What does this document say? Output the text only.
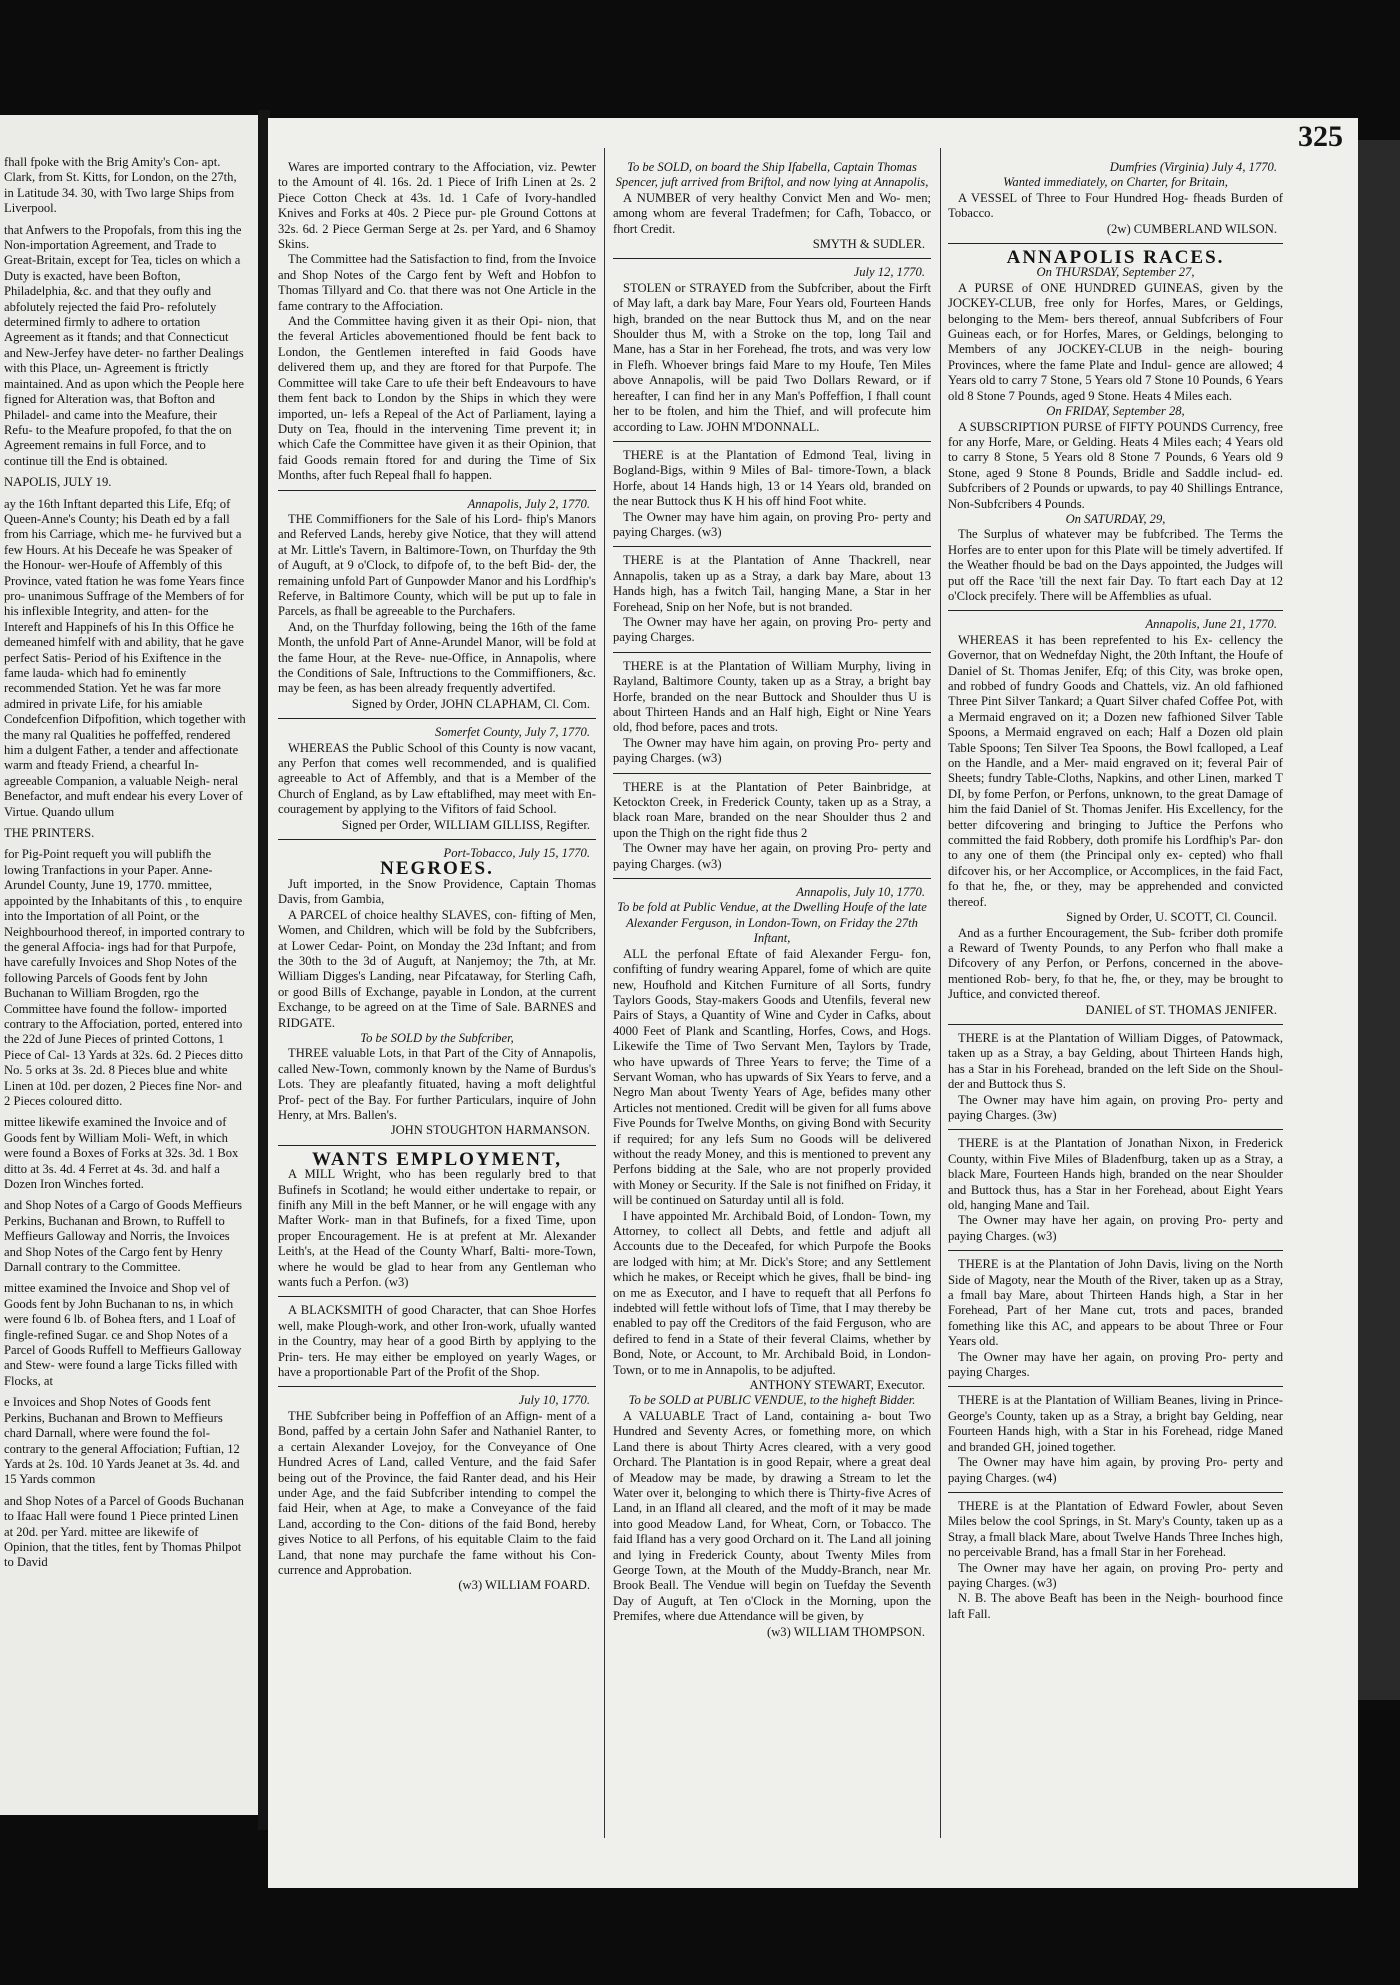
fhall fpoke with the Brig Amity's Con- apt. Clark, from St. Kitts, for London, on the 27th, in Latitude 34. 30, with Two large Ships from Liverpool.

that Anfwers to the Propofals, from this ing the Non-importation Agreement, and Trade to Great-Britain, except for Tea, ticles on which a Duty is exacted, have been Bofton, Philadelphia, &c. and that they oufly and abfolutely rejected the faid Pro- refolutely determined firmly to adhere to ortation Agreement as it ftands; and that Connecticut and New-Jerfey have deter- no farther Dealings with this Place, un- Agreement is ftrictly maintained. And as upon which the People here figned for Alteration was, that Bofton and Philadel- and came into the Meafure, their Refu- to the Meafure propofed, fo that the on Agreement remains in full Force, and to continue till the End is obtained.

NAPOLIS, JULY 19.

ay the 16th Inftant departed this Life, Efq; of Queen-Anne's County; his Death ed by a fall from his Carriage, which me- he furvived but a few Hours. At his Deceafe he was Speaker of the Honour- wer-Houfe of Affembly of this Province, vated ftation he was fome Years fince pro- unanimous Suffrage of the Members of for his inflexible Integrity, and atten- for the Intereft and Happinefs of his In this Office he demeaned himfelf with and ability, that he gave perfect Satis- Period of his Exiftence in the fame lauda- which had fo eminently recommended Station. Yet he was far more admired in private Life, for his amiable Condefcenfion Difpofition, which together with the many ral Qualities he poffeffed, rendered him a dulgent Father, a tender and affectionate warm and fteady Friend, a chearful In- agreeable Companion, a valuable Neigh- neral Benefactor, and muft endear his every Lover of Virtue. Quando ullum

THE PRINTERS.

for Pig-Point requeft you will publifh the lowing Tranfactions in your Paper. Anne-Arundel County, June 19, 1770. mmittee, appointed by the Inhabitants of this , to enquire into the Importation of all Point, or the Neighbourhood thereof, in imported contrary to the general Affocia- ings had for that Purpofe, have carefully Invoices and Shop Notes of the following Parcels of Goods fent by John Buchanan to William Brogden, rgo the Committee have found the follow- imported contrary to the Affociation, ported, entered into the 22d of June Pieces of printed Cottons, 1 Piece of Cal- 13 Yards at 32s. 6d. 2 Pieces ditto No. 5 orks at 3s. 2d. 8 Pieces blue and white Linen at 10d. per dozen, 2 Pieces fine Nor- and 2 Pieces coloured ditto.

mittee likewife examined the Invoice and of Goods fent by William Moli- Weft, in which were found a Boxes of Forks at 32s. 3d. 1 Box ditto at 3s. 4d. 4 Ferret at 4s. 3d. and half a Dozen Iron Winches forted.

and Shop Notes of a Cargo of Goods Meffieurs Perkins, Buchanan and Brown, to Ruffell to Meffieurs Galloway and Norris, the Invoices and Shop Notes of the Cargo fent by Henry Darnall contrary to the Committee.

mittee examined the Invoice and Shop vel of Goods fent by John Buchanan to ns, in which were found 6 lb. of Bohea fters, and 1 Loaf of fingle-refined Sugar. ce and Shop Notes of a Parcel of Goods Ruffell to Meffieurs Galloway and Stew- were found a large Ticks filled with Flocks, at

e Invoices and Shop Notes of Goods fent Perkins, Buchanan and Brown to Meffieurs chard Darnall, where were found the fol- contrary to the general Affociation; Fuftian, 12 Yards at 2s. 10d. 10 Yards Jeanet at 3s. 4d. and 15 Yards common

and Shop Notes of a Parcel of Goods Buchanan to Ifaac Hall were found 1 Piece printed Linen at 20d. per Yard. mittee are likewife of Opinion, that the titles, fent by Thomas Philpot to David

325

Wares are imported contrary to the Affociation, viz. Pewter to the Amount of 4l. 16s. 2d. 1 Piece of Irifh Linen at 2s. 2 Piece Cotton Check at 43s. 1d. 1 Cafe of Ivory-handled Knives and Forks at 40s. 2 Piece pur- ple Ground Cottons at 32s. 6d. 2 Piece German Serge at 2s. per Yard, and 6 Shamoy Skins.

The Committee had the Satisfaction to find, from the Invoice and Shop Notes of the Cargo fent by Weft and Hobfon to Thomas Tillyard and Co. that there was not One Article in the fame contrary to the Affociation.

And the Committee having given it as their Opi- nion, that the feveral Articles abovementioned fhould be fent back to London, the Gentlemen interefted in faid Goods have delivered them up, and they are ftored for that Purpofe. The Committee will take Care to ufe their beft Endeavours to have them fent back to London by the Ships in which they were imported, un- lefs a Repeal of the Act of Parliament, laying a Duty on Tea, fhould in the intervening Time prevent it; in which Cafe the Committee have given it as their Opinion, that faid Goods remain ftored for and during the Time of Six Months, after fuch Repeal fhall fo happen.

Annapolis, July 2, 1770.

THE Commiffioners for the Sale of his Lord- fhip's Manors and Referved Lands, hereby give Notice, that they will attend at Mr. Little's Tavern, in Baltimore-Town, on Thurfday the 9th of Auguft, at 9 o'Clock, to difpofe of, to the beft Bid- der, the remaining unfold Part of Gunpowder Manor and his Lordfhip's Referve, in Baltimore County, which will be put up to fale in Parcels, as fhall be agreeable to the Purchafers.

And, on the Thurfday following, being the 16th of the fame Month, the unfold Part of Anne-Arundel Manor, will be fold at the fame Hour, at the Reve- nue-Office, in Annapolis, where the Conditions of Sale, Inftructions to the Commiffioners, &c. may be feen, as has been already frequently advertifed.

Signed by Order, JOHN CLAPHAM, Cl. Com.

Somerfet County, July 7, 1770.

WHEREAS the Public School of this County is now vacant, any Perfon that comes well recommended, and is qualified agreeable to Act of Affembly, and that is a Member of the Church of England, as by Law eftablifhed, may meet with En- couragement by applying to the Vifitors of faid School.

Signed per Order, WILLIAM GILLISS, Regifter.

Port-Tobacco, July 15, 1770.

NEGROES.

Juft imported, in the Snow Providence, Captain Thomas Davis, from Gambia,

A PARCEL of choice healthy SLAVES, con- fifting of Men, Women, and Children, which will be fold by the Subfcribers, at Lower Cedar- Point, on Monday the 23d Inftant; and from the 30th to the 3d of Auguft, at Nanjemoy; the 7th, at Mr. William Digges's Landing, near Pifcataway, for Sterling Cafh, or good Bills of Exchange, payable in London, at the current Exchange, to be agreed on at the Time of Sale. BARNES and RIDGATE.

To be SOLD by the Subfcriber,

THREE valuable Lots, in that Part of the City of Annapolis, called New-Town, commonly known by the Name of Burdus's Lots. They are pleafantly fituated, having a moft delightful Prof- pect of the Bay. For further Particulars, inquire of John Henry, at Mrs. Ballen's.

JOHN STOUGHTON HARMANSON.

WANTS EMPLOYMENT,

A MILL Wright, who has been regularly bred to that Bufinefs in Scotland; he would either undertake to repair, or finifh any Mill in the beft Manner, or he will engage with any Mafter Work- man in that Bufinefs, for a fixed Time, upon proper Encouragement. He is at prefent at Mr. Alexander Leith's, at the Head of the County Wharf, Balti- more-Town, where he would be glad to hear from any Gentleman who wants fuch a Perfon. (w3)

A BLACKSMITH of good Character, that can Shoe Horfes well, make Plough-work, and other Iron-work, ufually wanted in the Country, may hear of a good Birth by applying to the Prin- ters. He may either be employed on yearly Wages, or have a proportionable Part of the Profit of the Shop.

July 10, 1770.

THE Subfcriber being in Poffeffion of an Affign- ment of a Bond, paffed by a certain John Safer and Nathaniel Ranter, to a certain Alexander Lovejoy, for the Conveyance of One Hundred Acres of Land, called Venture, and the faid Safer being out of the Province, the faid Ranter dead, and his Heir under Age, and the faid Subfcriber intending to compel the faid Heir, when at Age, to make a Conveyance of the faid Land, according to the Con- ditions of the faid Bond, hereby gives Notice to all Perfons, of his equitable Claim to the faid Land, that none may purchafe the fame without his Con- currence and Approbation.

(w3) WILLIAM FOARD.

To be SOLD, on board the Ship Ifabella, Captain Thomas Spencer, juft arrived from Briftol, and now lying at Annapolis,

A NUMBER of very healthy Convict Men and Wo- men; among whom are feveral Tradefmen; for Cafh, Tobacco, or fhort Credit.

SMYTH & SUDLER.

July 12, 1770.

STOLEN or STRAYED from the Subfcriber, about the Firft of May laft, a dark bay Mare, Four Years old, Fourteen Hands high, branded on the near Buttock thus M, and on the near Shoulder thus M, with a Stroke on the top, long Tail and Mane, has a Star in her Forehead, fhe trots, and was very low in Flefh. Whoever brings faid Mare to my Houfe, Ten Miles above Annapolis, will be paid Two Dollars Reward, or if hereafter, I can find her in any Man's Poffeffion, I fhall count her to be ftolen, and him the Thief, and will profecute him according to Law. JOHN M'DONNALL.

THERE is at the Plantation of Edmond Teal, living in Bogland-Bigs, within 9 Miles of Bal- timore-Town, a black Horfe, about 14 Hands high, 13 or 14 Years old, branded on the near Buttock thus K H his off hind Foot white.

The Owner may have him again, on proving Pro- perty and paying Charges. (w3)

THERE is at the Plantation of Anne Thackrell, near Annapolis, taken up as a Stray, a dark bay Mare, about 13 Hands high, has a fwitch Tail, hanging Mane, a Star in her Forehead, Snip on her Nofe, but is not branded.

The Owner may have her again, on proving Pro- perty and paying Charges.

THERE is at the Plantation of William Murphy, living in Rayland, Baltimore County, taken up as a Stray, a bright bay Horfe, branded on the near Buttock and Shoulder thus U is about Thirteen Hands and an Half high, Eight or Nine Years old, fhod before, paces and trots.

The Owner may have him again, on proving Pro- perty and paying Charges. (w3)

THERE is at the Plantation of Peter Bainbridge, at Ketockton Creek, in Frederick County, taken up as a Stray, a black roan Mare, branded on the near Shoulder thus 2 and upon the Thigh on the right fide thus 2

The Owner may have her again, on proving Pro- perty and paying Charges. (w3)

Annapolis, July 10, 1770.

To be fold at Public Vendue, at the Dwelling Houfe of the late Alexander Ferguson, in London-Town, on Friday the 27th Inftant,

ALL the perfonal Eftate of faid Alexander Fergu- fon, confifting of fundry wearing Apparel, fome of which are quite new, Houfhold and Kitchen Furniture of all Sorts, fundry Taylors Goods, Stay-makers Goods and Utenfils, feveral new Pairs of Stays, a Quantity of Wine and Cyder in Cafks, about 4000 Feet of Plank and Scantling, Horfes, Cows, and Hogs. Likewife the Time of Two Servant Men, Taylors by Trade, who have upwards of Three Years to ferve; the Time of a Servant Woman, who has upwards of Six Years to ferve, and a Negro Man about Twenty Years of Age, befides many other Articles not mentioned. Credit will be given for all fums above Five Pounds for Twelve Months, on giving Bond with Security if required; for any lefs Sum no Goods will be delivered without the ready Money, and this is mentioned to prevent any Perfons bidding at the Sale, who are not properly provided with Money or Security. If the Sale is not finifhed on Friday, it will be continued on Saturday until all is fold.

I have appointed Mr. Archibald Boid, of London- Town, my Attorney, to collect all Debts, and fettle and adjuft all Accounts due to the Deceafed, for which Purpofe the Books are lodged with him; at Mr. Dick's Store; and any Settlement which he makes, or Receipt which he gives, fhall be bind- ing on me as Executor, and I have to requeft that all Perfons fo indebted will fettle without lofs of Time, that I may thereby be enabled to pay off the Creditors of the faid Ferguson, who are defired to fend in a State of their feveral Claims, whether by Bond, Note, or Account, to Mr. Archibald Boid, in London-Town, or to me in Annapolis, to be adjufted.

ANTHONY STEWART, Executor.

To be SOLD at PUBLIC VENDUE, to the higheft Bidder.

A VALUABLE Tract of Land, containing a- bout Two Hundred and Seventy Acres, or fomething more, on which Land there is about Thirty Acres cleared, with a very good Orchard. The Plantation is in good Repair, where a great deal of Meadow may be made, by drawing a Stream to let the Water over it, belonging to which there is Thirty-five Acres of Land, in an Ifland all cleared, and the moft of it may be made into good Meadow Land, for Wheat, Corn, or Tobacco. The faid Ifland has a very good Orchard on it. The Land all joining and lying in Frederick County, about Twenty Miles from George Town, at the Mouth of the Muddy-Branch, near Mr. Brook Beall. The Vendue will begin on Tuefday the Seventh Day of Auguft, at Ten o'Clock in the Morning, upon the Premifes, where due Attendance will be given, by

(w3) WILLIAM THOMPSON.

Dumfries (Virginia) July 4, 1770.

Wanted immediately, on Charter, for Britain,

A VESSEL of Three to Four Hundred Hog- fheads Burden of Tobacco.

(2w) CUMBERLAND WILSON.

ANNAPOLIS RACES.

On THURSDAY, September 27,

A PURSE of ONE HUNDRED GUINEAS, given by the JOCKEY-CLUB, free only for Horfes, Mares, or Geldings, belonging to the Mem- bers thereof, annual Subfcribers of Four Guineas each, or for Horfes, Mares, or Geldings, belonging to Members of any JOCKEY-CLUB in the neigh- bouring Provinces, where the fame Plate and Indul- gence are allowed; 4 Years old to carry 7 Stone, 5 Years old 7 Stone 10 Pounds, 6 Years old 8 Stone 7 Pounds, aged 9 Stone. Heats 4 Miles each.

On FRIDAY, September 28,

A SUBSCRIPTION PURSE of FIFTY POUNDS Currency, free for any Horfe, Mare, or Gelding. Heats 4 Miles each; 4 Years old to carry 8 Stone, 5 Years old 8 Stone 7 Pounds, 6 Years old 9 Stone, aged 9 Stone 8 Pounds, Bridle and Saddle includ- ed. Subfcribers of 2 Pounds or upwards, to pay 40 Shillings Entrance, Non-Subfcribers 4 Pounds.

On SATURDAY, 29,

The Surplus of whatever may be fubfcribed. The Terms the Horfes are to enter upon for this Plate will be timely advertifed. If the Weather fhould be bad on the Days appointed, the Judges will put off the Race 'till the next fair Day. To ftart each Day at 12 o'Clock precifely. There will be Affemblies as ufual.

Annapolis, June 21, 1770.

WHEREAS it has been reprefented to his Ex- cellency the Governor, that on Wednefday Night, the 20th Inftant, the Houfe of Daniel of St. Thomas Jenifer, Efq; of this City, was broke open, and robbed of fundry Goods and Chattels, viz. An old fafhioned Three Pint Silver Tankard; a Quart Silver chafed Coffee Pot, with a Mermaid engraved on it; a Dozen new fafhioned Silver Table Spoons, a Mermaid engraved on each; Half a Dozen old plain Table Spoons; Ten Silver Tea Spoons, the Bowl fcalloped, a Leaf on the Handle, and a Mer- maid engraved on it; feveral Pair of Sheets; fundry Table-Cloths, Napkins, and other Linen, marked T DI, by fome Perfon, or Perfons, unknown, to the great Damage of him the faid Daniel of St. Thomas Jenifer. His Excellency, for the better difcovering and bringing to Juftice the Perfons who committed the faid Robbery, doth promife his Lordfhip's Par- don to any one of them (the Principal only ex- cepted) who fhall difcover his, or her Accomplice, or Accomplices, in the faid Fact, fo that he, fhe, or they, may be apprehended and convicted thereof.

Signed by Order, U. SCOTT, Cl. Council.

And as a further Encouragement, the Sub- fcriber doth promife a Reward of Twenty Pounds, to any Perfon who fhall make a Difcovery of any Perfon, or Perfons, concerned in the above-mentioned Rob- bery, fo that he, fhe, or they, may be brought to Juftice, and convicted thereof.

DANIEL of ST. THOMAS JENIFER.

THERE is at the Plantation of William Digges, of Patowmack, taken up as a Stray, a bay Gelding, about Thirteen Hands high, has a Star in his Forehead, branded on the left Side on the Shoul- der and Buttock thus S.

The Owner may have him again, on proving Pro- perty and paying Charges. (3w)

THERE is at the Plantation of Jonathan Nixon, in Frederick County, within Five Miles of Bladenfburg, taken up as a Stray, a black Mare, Fourteen Hands high, branded on the near Shoulder and Buttock thus, has a Star in her Forehead, about Eight Years old, hanging Mane and Tail.

The Owner may have her again, on proving Pro- perty and paying Charges. (w3)

THERE is at the Plantation of John Davis, living on the North Side of Magoty, near the Mouth of the River, taken up as a Stray, a fmall bay Mare, about Thirteen Hands high, a Star in her Forehead, Part of her Mane cut, trots and paces, branded fomething like this AC, and appears to be about Three or Four Years old.

The Owner may have her again, on proving Pro- perty and paying Charges.

THERE is at the Plantation of William Beanes, living in Prince-George's County, taken up as a Stray, a bright bay Gelding, near Fourteen Hands high, with a Star in his Forehead, ridge Maned and branded GH, joined together.

The Owner may have him again, by proving Pro- perty and paying Charges. (w4)

THERE is at the Plantation of Edward Fowler, about Seven Miles below the cool Springs, in St. Mary's County, taken up as a Stray, a fmall black Mare, about Twelve Hands Three Inches high, no perceivable Brand, has a fmall Star in her Forehead.

The Owner may have her again, on proving Pro- perty and paying Charges. (w3)

N. B. The above Beaft has been in the Neigh- bourhood fince laft Fall.
